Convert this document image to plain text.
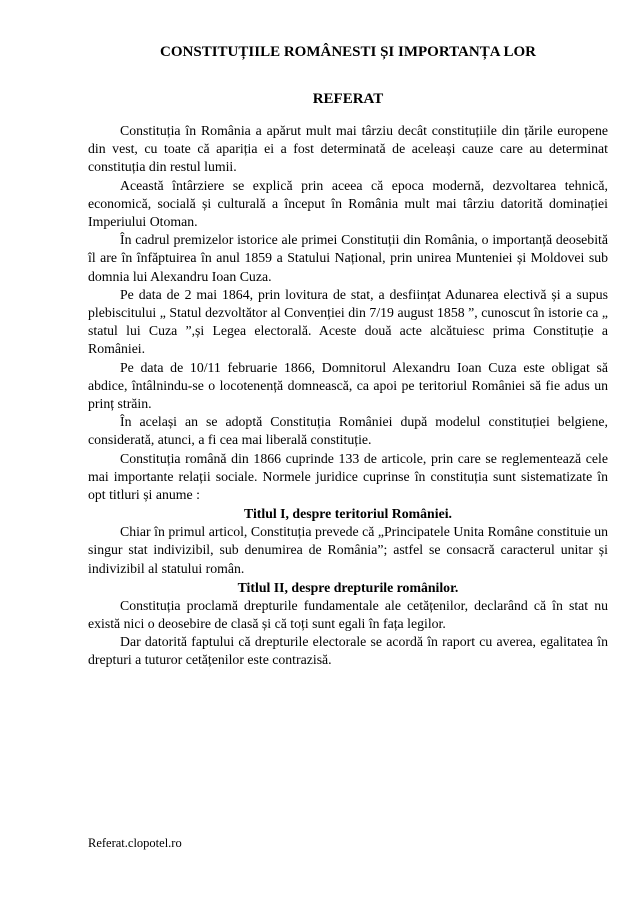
CONSTITUȚIILE ROMÂNESTI ȘI IMPORTANȚA LOR
REFERAT

Constituția în România a apărut mult mai târziu decât constituțiile din țările europene din vest, cu toate că apariția ei a fost determinată de aceleași cauze care au determinat constituția din restul lumii.

Această întârziere se explică prin aceea că epoca modernă, dezvoltarea tehnică, economică, socială și culturală a început în România mult mai târziu datorită dominației Imperiului Otoman.

În cadrul premizelor istorice ale primei Constituții din România, o importanță deosebită îl are în înfăptuirea în anul 1859 a Statului Național, prin unirea Munteniei și Moldovei sub domnia lui Alexandru Ioan Cuza.

Pe data de 2 mai 1864, prin lovitura de stat, a desființat Adunarea electivă și a supus plebiscitului „ Statul dezvoltător al Convenției din 7/19 august 1858 ”, cunoscut în istorie ca „ statul lui Cuza ”,și Legea electorală. Aceste două acte alcătuiesc prima Constituție a României.

Pe data de 10/11 februarie 1866, Domnitorul Alexandru Ioan Cuza este obligat să abdice, întâlnindu-se o locotenență domnească, ca apoi pe teritoriul României să fie adus un prinț străin.

În același an se adoptă Constituția României după modelul constituției belgiene, considerată, atunci, a fi cea mai liberală constituție.

Constituția română din 1866 cuprinde 133 de articole, prin care se reglementează cele mai importante relații sociale. Normele juridice cuprinse în constituția sunt sistematizate în opt titluri și anume :

Titlul I, despre teritoriul României.

Chiar în primul articol, Constituția prevede că „Principatele Unita Române constituie un singur stat indivizibil, sub denumirea de România”; astfel se consacră caracterul unitar și indivizibil al statului român.

Titlul II, despre drepturile românilor.

Constituția proclamă drepturile fundamentale ale cetățenilor, declarând că în stat nu există nici o deosebire de clasă și că toți sunt egali în fața legilor.

Dar datorită faptului că drepturile electorale se acordă în raport cu averea, egalitatea în drepturi a tuturor cetățenilor este contrazisă.

Referat.clopotel.ro
